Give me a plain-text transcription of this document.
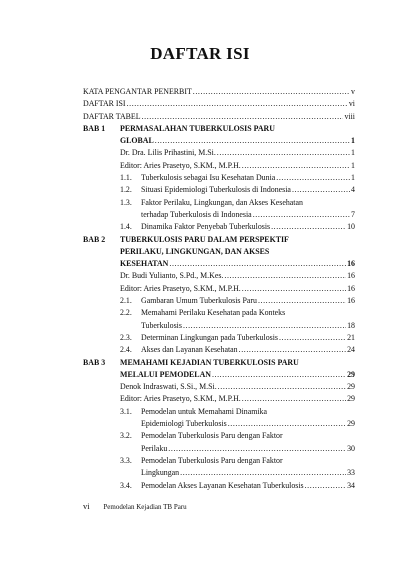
DAFTAR ISI
KATA PENGANTAR PENERBIT .....	v
DAFTAR ISI .....	vi
DAFTAR TABEL .....	viii
BAB 1 PERMASALAHAN TUBERKULOSIS PARU
GLOBAL .....	1
Dr. Dra. Lilis Prihastini, M.Si. .....	1
Editor: Aries Prasetyo, S.KM., M.P.H. .....	1
1.1.	Tuberkulosis sebagai Isu Kesehatan Dunia .....	1
1.2.	Situasi Epidemiologi Tuberkulosis di Indonesia .....	4
1.3.	Faktor Perilaku, Lingkungan, dan Akses Kesehatan
terhadap Tuberkulosis di Indonesia .....	7
1.4.	Dinamika Faktor Penyebab Tuberkulosis .....	10
BAB 2 TUBERKULOSIS PARU DALAM PERSPEKTIF
PERILAKU, LINGKUNGAN, DAN AKSES
KESEHATAN .....	16
Dr. Budi Yulianto, S.Pd., M.Kes. .....	16
Editor: Aries Prasetyo, S.KM., M.P.H. .....	16
2.1.	Gambaran Umum Tuberkulosis Paru .....	16
2.2.	Memahami Perilaku Kesehatan pada Konteks
Tuberkulosis .....	18
2.3.	Determinan Lingkungan pada Tuberkulosis .....	21
2.4.	Akses dan Layanan Kesehatan .....	24
BAB 3 MEMAHAMI KEJADIAN TUBERKULOSIS PARU
MELALUI PEMODELAN .....	29
Denok Indraswati, S.Si., M.Si. .....	29
Editor: Aries Prasetyo, S.KM., M.P.H. .....	29
3.1.	Pemodelan untuk Memahami Dinamika
Epidemiologi Tuberkulosis .....	29
3.2.	Pemodelan Tuberkulosis Paru dengan Faktor
Perilaku .....	30
3.3.	Pemodelan Tuberkulosis Paru dengan Faktor
Lingkungan .....	33
3.4.	Pemodelan Akses Layanan Kesehatan Tuberkulosis .....	34
vi Pemodelan Kejadian TB Paru
